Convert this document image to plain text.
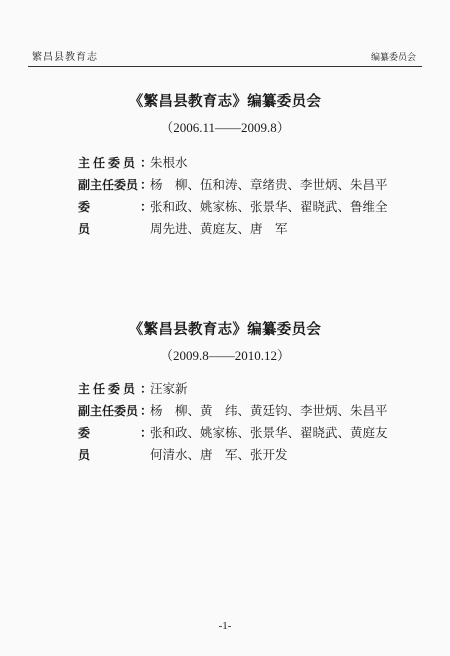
繁昌县教育志	编纂委员会
《繁昌县教育志》编纂委员会
（2006.11——2009.8）
主任委员 ：
朱根水
副主任委员 ：
杨　柳、伍和涛、章绪贵、李世炳、朱昌平
委员
：
张和政、姚家栋、张景华、翟晓武、鲁维全
周先进、黄庭友、唐　军
《繁昌县教育志》编纂委员会
（2009.8——2010.12）
主任委员 ：
汪家新
副主任委员 ：
杨　柳、黄　纬、黄廷钧、李世炳、朱昌平
委员
：
张和政、姚家栋、张景华、翟晓武、黄庭友
何清水、唐　军、张开发
-1-
